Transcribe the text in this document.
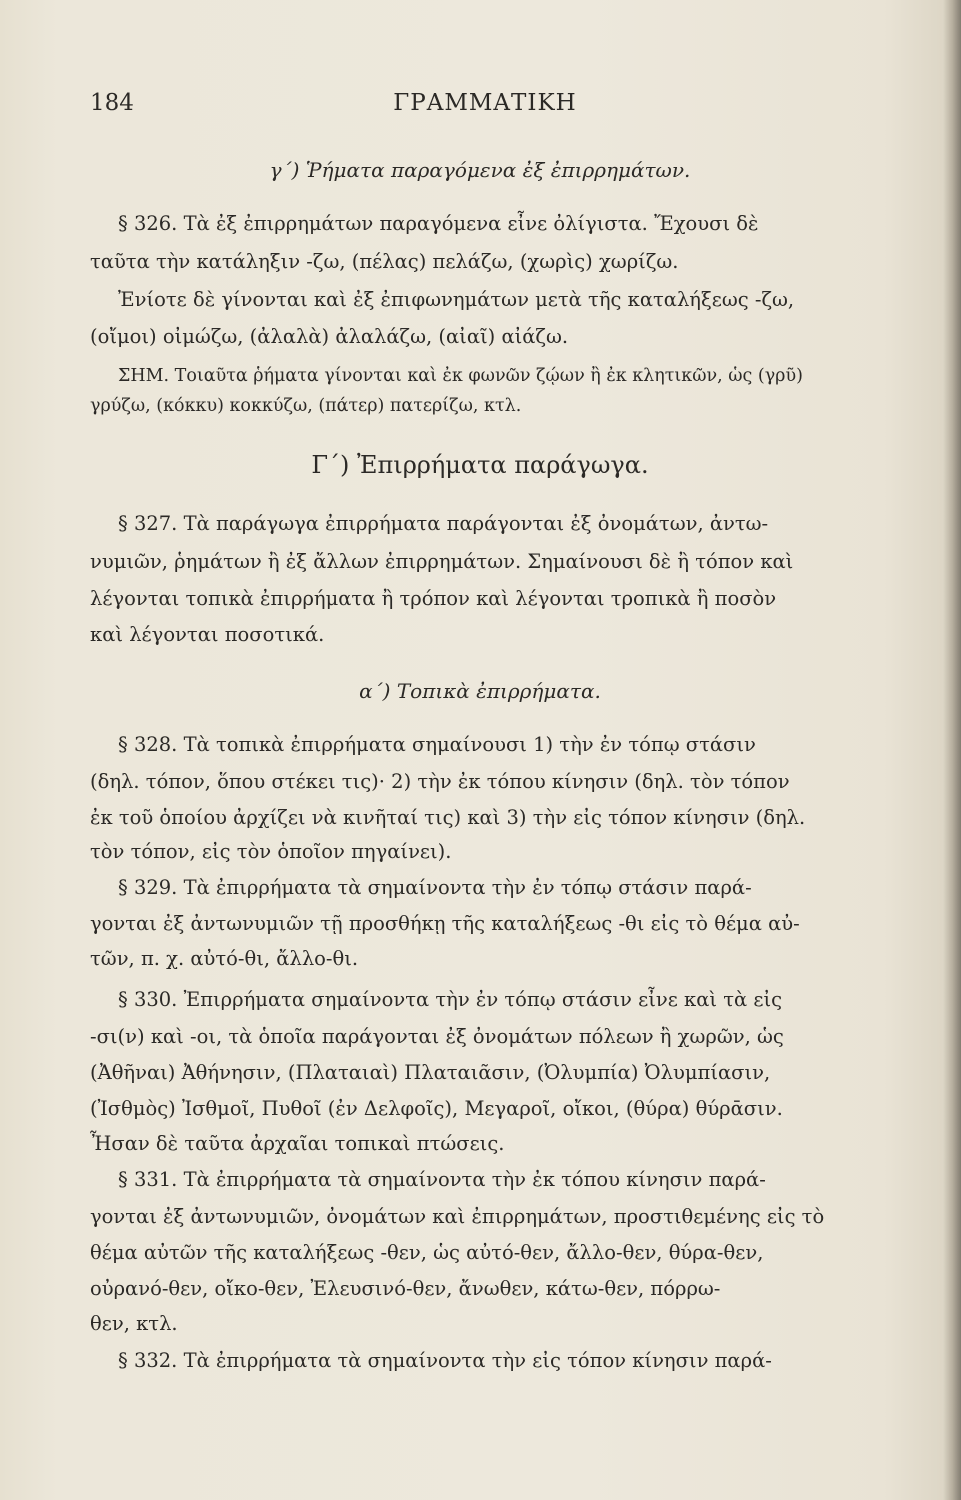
184	ΓΡΑΜΜΑΤΙΚΗ
γ΄) Ῥήματα παραγόμενα ἐξ ἐπιρρημάτων.
§ 326. Τὰ ἐξ ἐπιρρημάτων παραγόμενα εἶνε ὀλίγιστα. Ἔχουσι δὲ
ταῦτα τὴν κατάληξιν -ζω, (πέλας) πελάζω, (χωρὶς) χωρίζω.
Ἐνίοτε δὲ γίνονται καὶ ἐξ ἐπιφωνημάτων μετὰ τῆς καταλήξεως -ζω,
(οἴμοι) οἰμώζω, (ἀλαλὰ) ἀλαλάζω, (αἰαῖ) αἰάζω.
ΣΗΜ. Τοιαῦτα ῥήματα γίνονται καὶ ἐκ φωνῶν ζῴων ἢ ἐκ κλητικῶν, ὡς (γρῦ)
γρύζω, (κόκκυ) κοκκύζω, (πάτερ) πατερίζω, κτλ.
Γ΄) Ἐπιρρήματα παράγωγα.
§ 327. Τὰ παράγωγα ἐπιρρήματα παράγονται ἐξ ὀνομάτων, ἀντω-
νυμιῶν, ῥημάτων ἢ ἐξ ἄλλων ἐπιρρημάτων. Σημαίνουσι δὲ ἢ τόπον καὶ
λέγονται τοπικὰ ἐπιρρήματα ἢ τρόπον καὶ λέγονται τροπικὰ ἢ ποσὸν
καὶ λέγονται ποσοτικά.
α΄) Τοπικὰ ἐπιρρήματα.
§ 328. Τὰ τοπικὰ ἐπιρρήματα σημαίνουσι 1) τὴν ἐν τόπῳ στάσιν
(δηλ. τόπον, ὅπου στέκει τις)· 2) τὴν ἐκ τόπου κίνησιν (δηλ. τὸν τόπον
ἐκ τοῦ ὁποίου ἀρχίζει νὰ κινῆταί τις) καὶ 3) τὴν εἰς τόπον κίνησιν (δηλ.
τὸν τόπον, εἰς τὸν ὁποῖον πηγαίνει).
§ 329. Τὰ ἐπιρρήματα τὰ σημαίνοντα τὴν ἐν τόπῳ στάσιν παρά-
γονται ἐξ ἀντωνυμιῶν τῇ προσθήκῃ τῆς καταλήξεως -θι εἰς τὸ θέμα αὐ-
τῶν, π. χ. αὐτό-θι, ἄλλο-θι.
§ 330. Ἐπιρρήματα σημαίνοντα τὴν ἐν τόπῳ στάσιν εἶνε καὶ τὰ εἰς
-σι(ν) καὶ -οι, τὰ ὁποῖα παράγονται ἐξ ὀνομάτων πόλεων ἢ χωρῶν, ὡς
(Ἀθῆναι) Ἀθήνησιν, (Πλαταιαὶ) Πλαταιᾶσιν, (Ὀλυμπία) Ὀλυμπίασιν,
(Ἰσθμὸς) Ἰσθμοῖ, Πυθοῖ (ἐν Δελφοῖς), Μεγαροῖ, οἴκοι, (θύρα) θύρᾱσιν.
Ἦσαν δὲ ταῦτα ἀρχαῖαι τοπικαὶ πτώσεις.
§ 331. Τὰ ἐπιρρήματα τὰ σημαίνοντα τὴν ἐκ τόπου κίνησιν παρά-
γονται ἐξ ἀντωνυμιῶν, ὀνομάτων καὶ ἐπιρρημάτων, προστιθεμένης εἰς τὸ
θέμα αὐτῶν τῆς καταλήξεως -θεν, ὡς αὐτό-θεν, ἄλλο-θεν, θύρα-θεν,
οὐρανό-θεν, οἴκο-θεν, Ἐλευσινό-θεν, ἄνωθεν, κάτω-θεν, πόρρω-
θεν, κτλ.
§ 332. Τὰ ἐπιρρήματα τὰ σημαίνοντα τὴν εἰς τόπον κίνησιν παρά-
